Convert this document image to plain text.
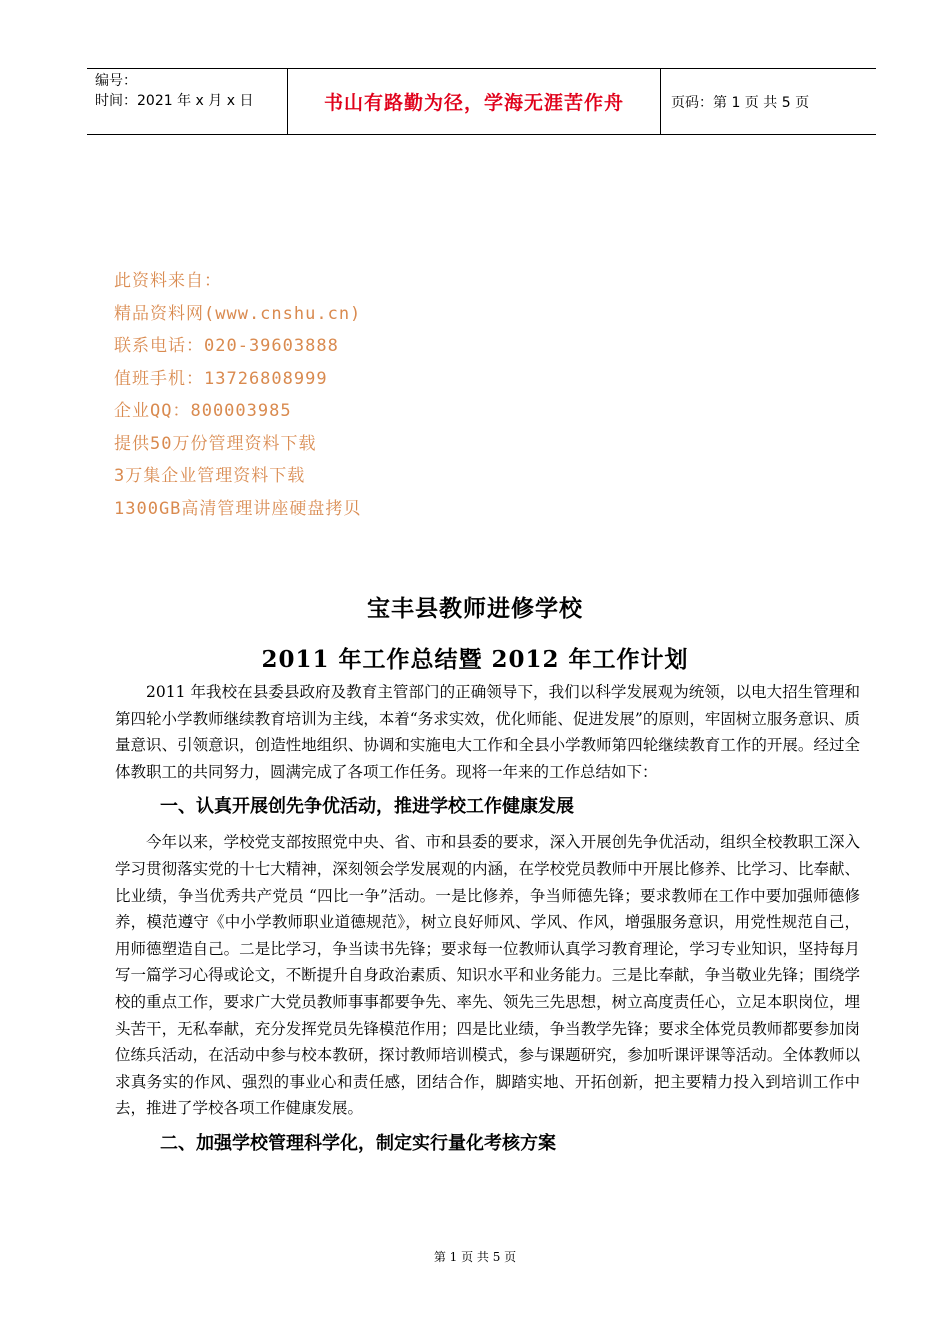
编号：
时间：2021 年 x 月 x 日	书山有路勤为径，学海无涯苦作舟	页码：第 1 页 共 5 页
此资料来自：
精品资料网(www.cnshu.cn)
联系电话：020-39603888
值班手机：13726808999
企业QQ：800003985
提供50万份管理资料下载
3万集企业管理资料下载
1300GB高清管理讲座硬盘拷贝
宝丰县教师进修学校
2011 年工作总结暨 2012 年工作计划

2011 年我校在县委县政府及教育主管部门的正确领导下，我们以科学发展观为统领，以电大招生管理和第四轮小学教师继续教育培训为主线，本着“务求实效，优化师能、促进发展”的原则，牢固树立服务意识、质量意识、引领意识，创造性地组织、协调和实施电大工作和全县小学教师第四轮继续教育工作的开展。经过全体教职工的共同努力，圆满完成了各项工作任务。现将一年来的工作总结如下：

一、认真开展创先争优活动，推进学校工作健康发展

今年以来，学校党支部按照党中央、省、市和县委的要求，深入开展创先争优活动，组织全校教职工深入学习贯彻落实党的十七大精神，深刻领会学发展观的内涵，在学校党员教师中开展比修养、比学习、比奉献、比业绩，争当优秀共产党员 “四比一争”活动。一是比修养，争当师德先锋；要求教师在工作中要加强师德修养，模范遵守《中小学教师职业道德规范》，树立良好师风、学风、作风，增强服务意识，用党性规范自己，用师德塑造自己。二是比学习，争当读书先锋；要求每一位教师认真学习教育理论，学习专业知识，坚持每月写一篇学习心得或论文，不断提升自身政治素质、知识水平和业务能力。三是比奉献，争当敬业先锋；围绕学校的重点工作，要求广大党员教师事事都要争先、率先、领先三先思想，树立高度责任心，立足本职岗位，埋头苦干，无私奉献，充分发挥党员先锋模范作用；四是比业绩，争当教学先锋；要求全体党员教师都要参加岗位练兵活动，在活动中参与校本教研，探讨教师培训模式，参与课题研究，参加听课评课等活动。全体教师以求真务实的作风、强烈的事业心和责任感，团结合作，脚踏实地、开拓创新，把主要精力投入到培训工作中去，推进了学校各项工作健康发展。

二、加强学校管理科学化，制定实行量化考核方案
第 1 页 共 5 页
